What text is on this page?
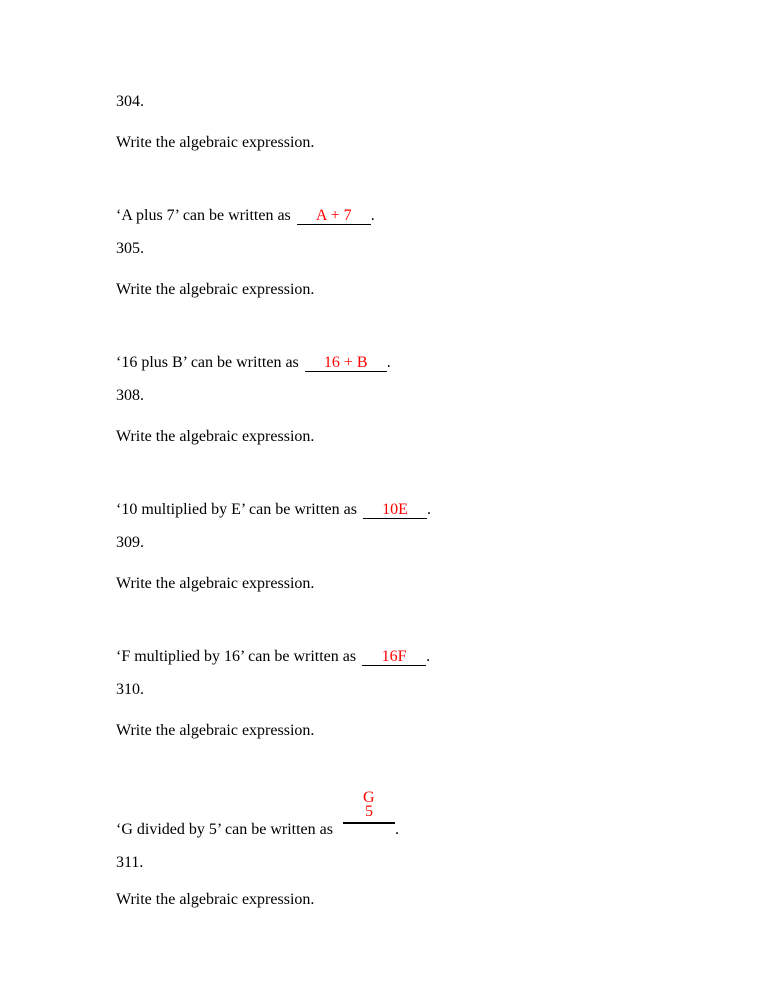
304.
Write the algebraic expression.
‘A plus 7’ can be written as A + 7 .
305.
Write the algebraic expression.
‘16 plus B’ can be written as 16 + B .
308.
Write the algebraic expression.
‘10 multiplied by E’ can be written as 10E .
309.
Write the algebraic expression.
‘F multiplied by 16’ can be written as 16F .
310.
Write the algebraic expression.
‘G divided by 5’ can be written as
G
5
.
311.
Write the algebraic expression.
